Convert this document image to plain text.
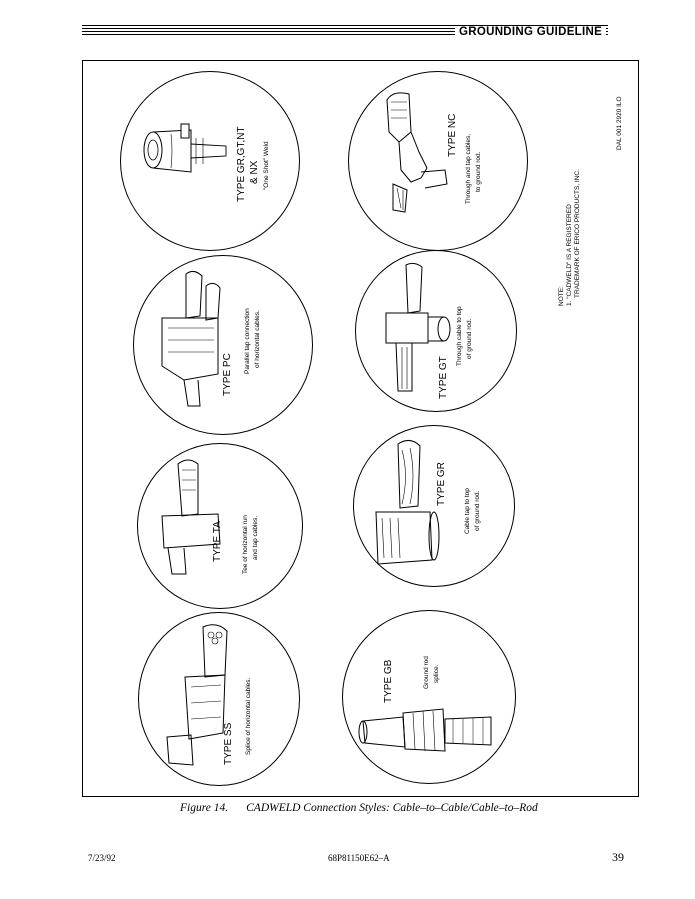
GROUNDING GUIDELINE
TYPE GR,GT,NT & NX "One Shot" Weld
TYPE NC Through and tap cables, to ground rod.
TYPE PC
Parallel tap connection of horizontal cables.
TYPE GT
Through cable to top of ground rod.
TYPE TA	Tee of horizontal run and tap cables.
TYPE GR
Cable tap to top of ground rod.
TYPE SS Splice of horizontal cables.	TYPE GB	Ground rod splice.
NOTE: 1. "CADWELD" IS A REGISTERED TRADEMARK OF ERICO PRODUCTS, INC.
DAL 001 2920 ILO
Figure 14. CADWELD Connection Styles: Cable–to–Cable/Cable–to–Rod
7/23/92	68P81150E62–A	39
